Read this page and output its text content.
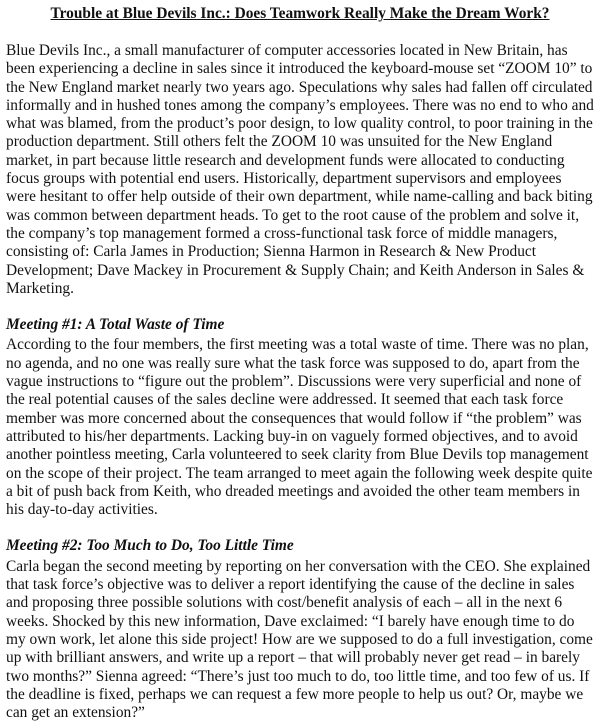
Trouble at Blue Devils Inc.: Does Teamwork Really Make the Dream Work?

Blue Devils Inc., a small manufacturer of computer accessories located in New Britain, has been experiencing a decline in sales since it introduced the keyboard-mouse set “ZOOM 10” to the New England market nearly two years ago. Speculations why sales had fallen off circulated informally and in hushed tones among the company’s employees. There was no end to who and what was blamed, from the product’s poor design, to low quality control, to poor training in the production department. Still others felt the ZOOM 10 was unsuited for the New England market, in part because little research and development funds were allocated to conducting focus groups with potential end users. Historically, department supervisors and employees were hesitant to offer help outside of their own department, while name-calling and back biting was common between department heads. To get to the root cause of the problem and solve it, the company’s top management formed a cross-functional task force of middle managers, consisting of: Carla James in Production; Sienna Harmon in Research & New Product Development; Dave Mackey in Procurement & Supply Chain; and Keith Anderson in Sales & Marketing.

Meeting #1: A Total Waste of Time

According to the four members, the first meeting was a total waste of time. There was no plan, no agenda, and no one was really sure what the task force was supposed to do, apart from the vague instructions to “figure out the problem”. Discussions were very superficial and none of the real potential causes of the sales decline were addressed. It seemed that each task force member was more concerned about the consequences that would follow if “the problem” was attributed to his/her departments. Lacking buy-in on vaguely formed objectives, and to avoid another pointless meeting, Carla volunteered to seek clarity from Blue Devils top management on the scope of their project. The team arranged to meet again the following week despite quite a bit of push back from Keith, who dreaded meetings and avoided the other team members in his day-to-day activities.

Meeting #2: Too Much to Do, Too Little Time

Carla began the second meeting by reporting on her conversation with the CEO. She explained that task force’s objective was to deliver a report identifying the cause of the decline in sales and proposing three possible solutions with cost/benefit analysis of each – all in the next 6 weeks. Shocked by this new information, Dave exclaimed: “I barely have enough time to do my own work, let alone this side project! How are we supposed to do a full investigation, come up with brilliant answers, and write up a report – that will probably never get read – in barely two months?” Sienna agreed: “There’s just too much to do, too little time, and too few of us. If the deadline is fixed, perhaps we can request a few more people to help us out? Or, maybe we can get an extension?”
